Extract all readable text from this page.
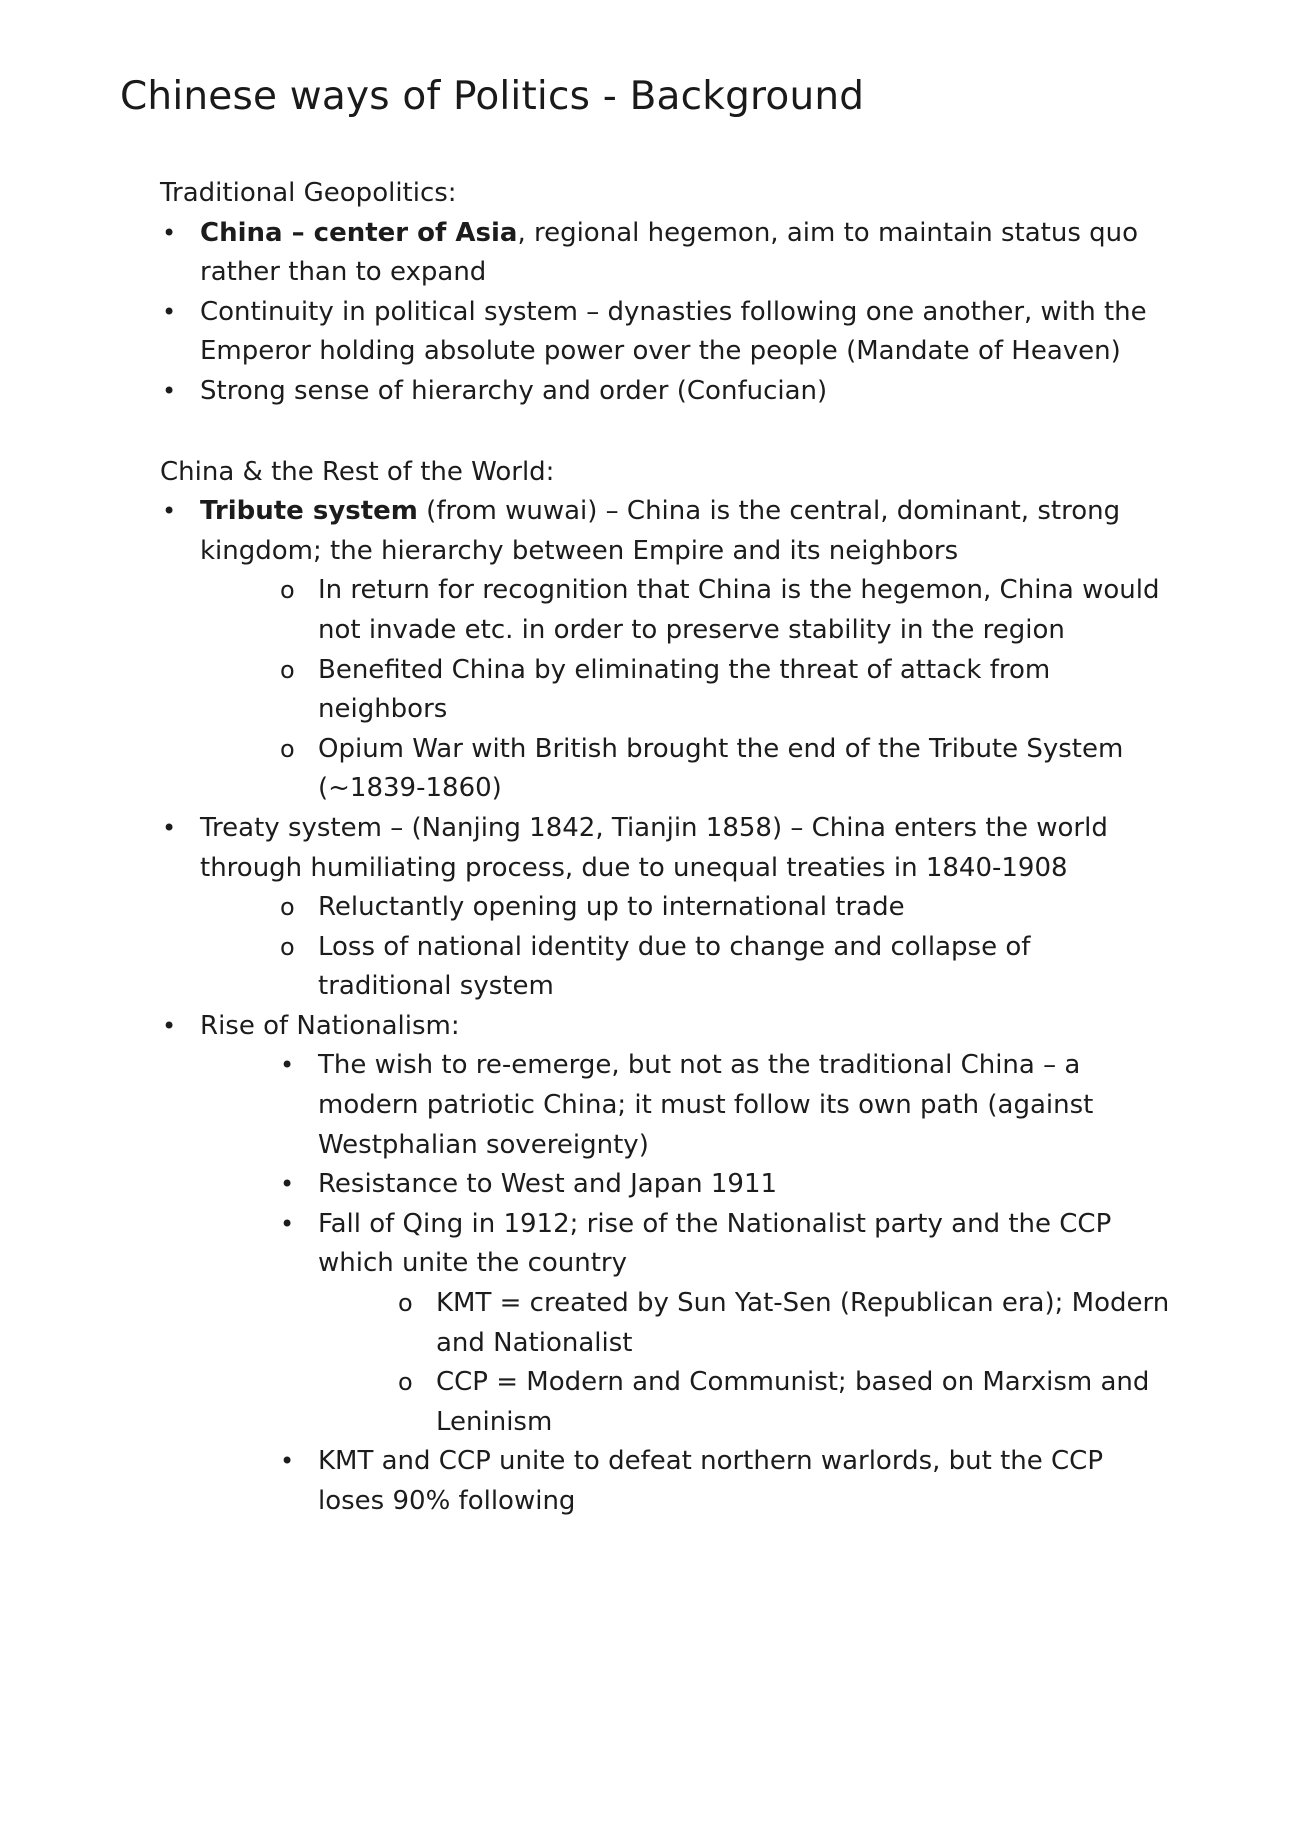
Chinese ways of Politics - Background

Traditional Geopolitics:

• China – center of Asia, regional hegemon, aim to maintain status quo rather than to expand
• Continuity in political system – dynasties following one another, with the Emperor holding absolute power over the people (Mandate of Heaven)
• Strong sense of hierarchy and order (Confucian)

China & the Rest of the World:

• Tribute system (from wuwai) – China is the central, dominant, strong kingdom; the hierarchy between Empire and its neighbors
o In return for recognition that China is the hegemon, China would not invade etc. in order to preserve stability in the region
o Benefited China by eliminating the threat of attack from neighbors
o Opium War with British brought the end of the Tribute System (~1839-1860)
• Treaty system – (Nanjing 1842, Tianjin 1858) – China enters the world through humiliating process, due to unequal treaties in 1840-1908
o Reluctantly opening up to international trade
o Loss of national identity due to change and collapse of traditional system
• Rise of Nationalism:
• The wish to re-emerge, but not as the traditional China – a modern patriotic China; it must follow its own path (against Westphalian sovereignty)
• Resistance to West and Japan 1911
• Fall of Qing in 1912; rise of the Nationalist party and the CCP which unite the country
o KMT = created by Sun Yat-Sen (Republican era); Modern and Nationalist
o CCP = Modern and Communist; based on Marxism and Leninism
• KMT and CCP unite to defeat northern warlords, but the CCP loses 90% following
